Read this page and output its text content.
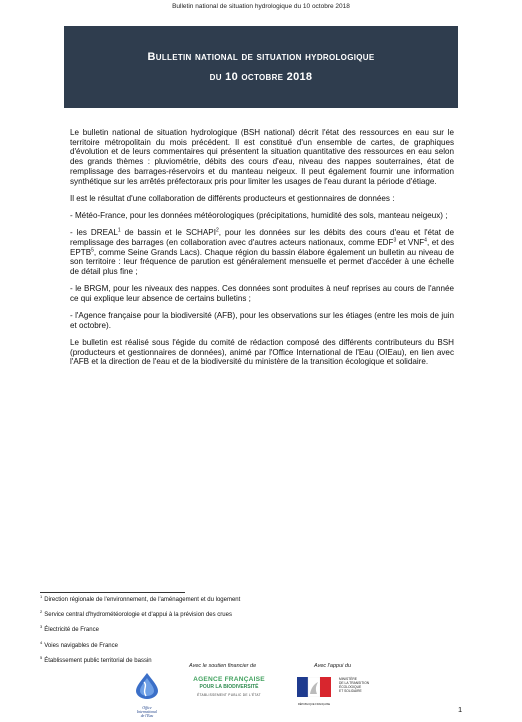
Bulletin national de situation hydrologique du 10 octobre 2018
Bulletin national de situation hydrologique
du 10 octobre 2018

Le bulletin national de situation hydrologique (BSH national) décrit l'état des ressources en eau sur le territoire métropolitain du mois précédent. Il est constitué d'un ensemble de cartes, de graphiques d'évolution et de leurs commentaires qui présentent la situation quantitative des ressources en eau selon des grands thèmes : pluviométrie, débits des cours d'eau, niveau des nappes souterraines, état de remplissage des barrages-réservoirs et du manteau neigeux. Il peut également fournir une information synthétique sur les arrêtés préfectoraux pris pour limiter les usages de l'eau durant la période d'étiage.

Il est le résultat d'une collaboration de différents producteurs et gestionnaires de données :

- Météo-France, pour les données météorologiques (précipitations, humidité des sols, manteau neigeux) ;

- les DREAL$^1$ de bassin et le SCHAPI$^2$, pour les données sur les débits des cours d'eau et l'état de remplissage des barrages (en collaboration avec d'autres acteurs nationaux, comme EDF$^3$ et VNF$^4$, et des EPTB$^5$, comme Seine Grands Lacs). Chaque région du bassin élabore également un bulletin au niveau de son territoire : leur fréquence de parution est généralement mensuelle et permet d'accéder à une échelle de détail plus fine ;

- le BRGM, pour les niveaux des nappes. Ces données sont produites à neuf reprises au cours de l'année ce qui explique leur absence de certains bulletins ;

- l'Agence française pour la biodiversité (AFB), pour les observations sur les étiages (entre les mois de juin et octobre).

Le bulletin est réalisé sous l'égide du comité de rédaction composé des différents contributeurs du BSH (producteurs et gestionnaires de données), animé par l'Office International de l'Eau (OIEau), en lien avec l'AFB et la direction de l'eau et de la biodiversité du ministère de la transition écologique et solidaire.

$^1$Direction régionale de l'environnement, de l'aménagement et du logement
$^2$Service central d'hydrométéorologie et d'appui à la prévision des crues
$^3$Électricité de France
$^4$Voies navigables de France
$^5$Établissement public territorial de bassin
Avec le soutien financier de	Avec l'appui du
Office
International
de l'Eau
AGENCE FRANÇAISE
POUR LA BIODIVERSITÉ
ÉTABLISSEMENT PUBLIC DE L'ÉTAT
RÉPUBLIQUE FRANÇAISE
MINISTÈRE
DE LA TRANSITION
ÉCOLOGIQUE
ET SOLIDAIRE
1
